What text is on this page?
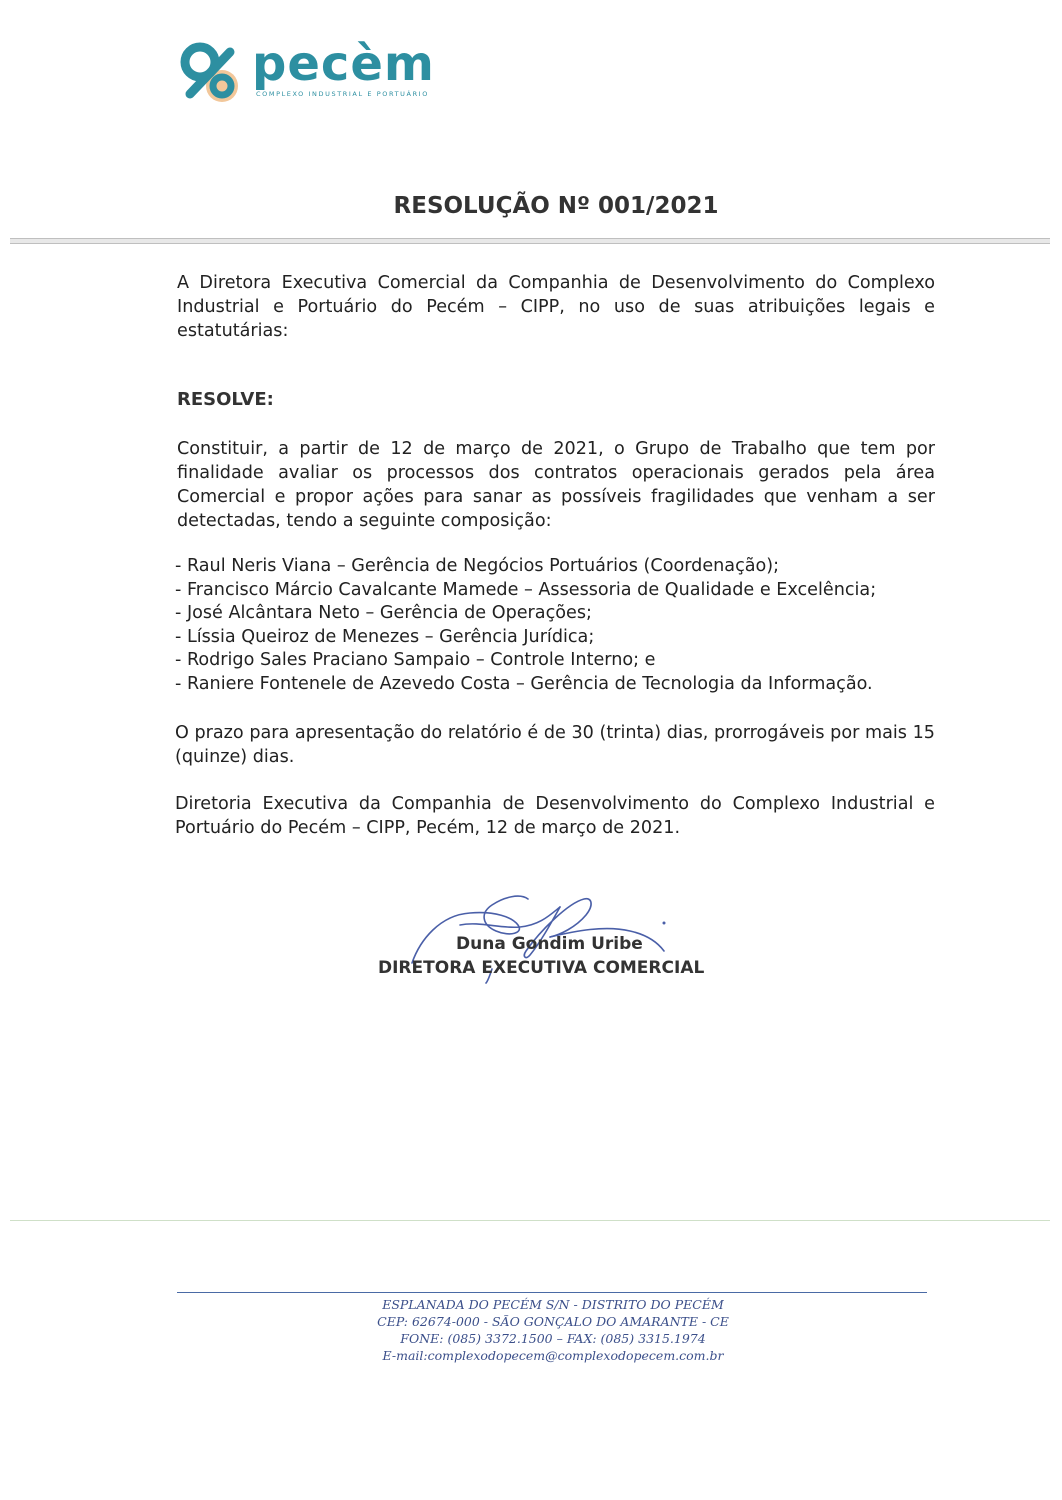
pecèm
COMPLEXO INDUSTRIAL E PORTUÁRIO
RESOLUÇÃO Nº 001/2021
A Diretora Executiva Comercial da Companhia de Desenvolvimento do Complexo Industrial e Portuário do Pecém – CIPP, no uso de suas atribuições legais e estatutárias:
RESOLVE:
Constituir, a partir de 12 de março de 2021, o Grupo de Trabalho que tem por finalidade avaliar os processos dos contratos operacionais gerados pela área Comercial e propor ações para sanar as possíveis fragilidades que venham a ser detectadas, tendo a seguinte composição:
- Raul Neris Viana – Gerência de Negócios Portuários (Coordenação);
- Francisco Márcio Cavalcante Mamede – Assessoria de Qualidade e Excelência;
- José Alcântara Neto – Gerência de Operações;
- Líssia Queiroz de Menezes – Gerência Jurídica;
- Rodrigo Sales Praciano Sampaio – Controle Interno; e
- Raniere Fontenele de Azevedo Costa – Gerência de Tecnologia da Informação.
O prazo para apresentação do relatório é de 30 (trinta) dias, prorrogáveis por mais 15 (quinze) dias.
Diretoria Executiva da Companhia de Desenvolvimento do Complexo Industrial e Portuário do Pecém – CIPP, Pecém, 12 de março de 2021.
Duna Gondim Uribe
DIRETORA EXECUTIVA COMERCIAL
ESPLANADA DO PECÉM S/N - DISTRITO DO PECÉM
CEP: 62674-000 - SÃO GONÇALO DO AMARANTE - CE
FONE: (085) 3372.1500 – FAX: (085) 3315.1974
E-mail:complexodopecem@complexodopecem.com.br
